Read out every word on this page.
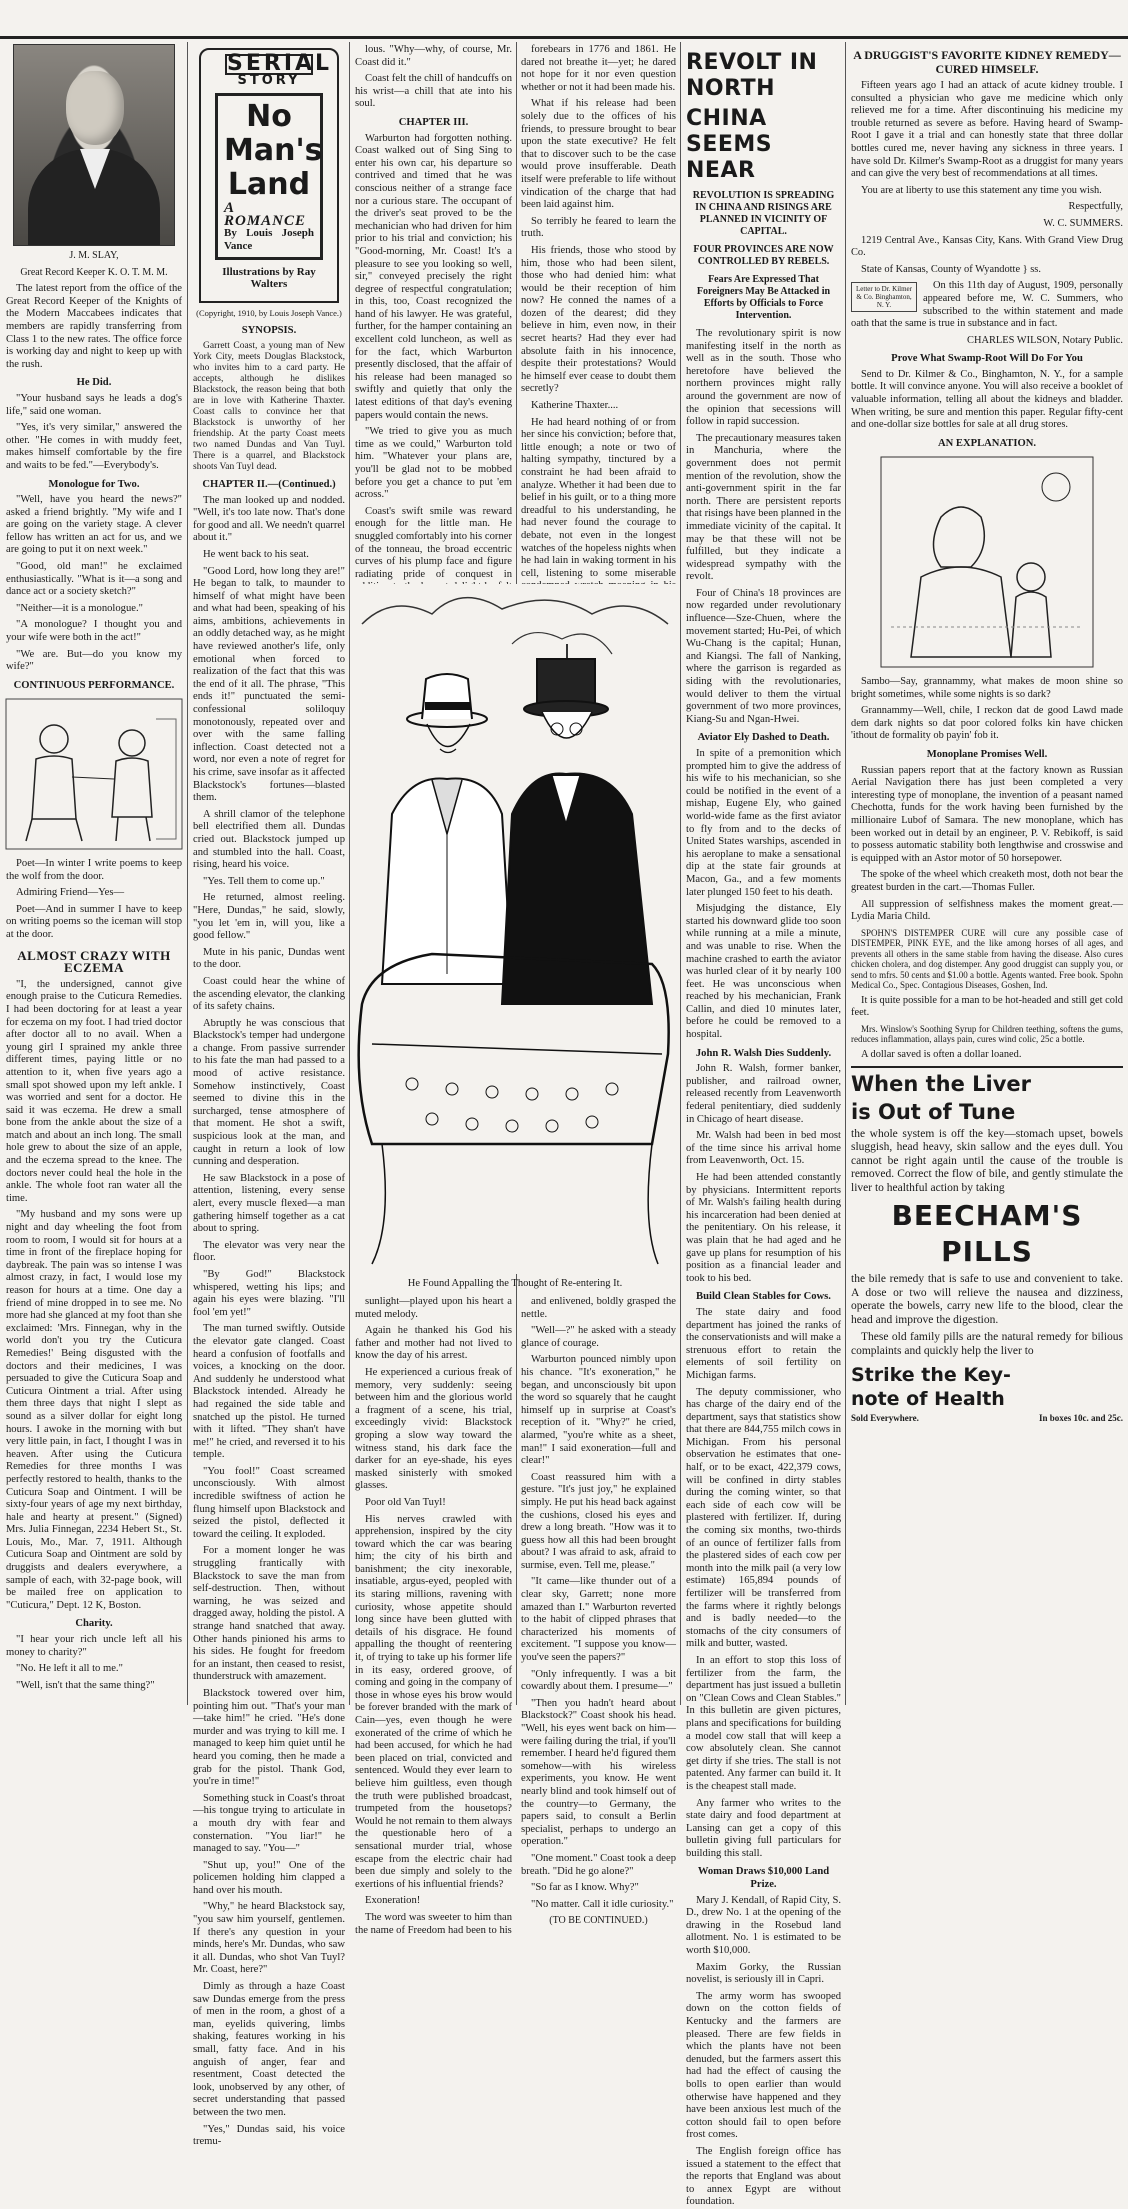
J. M. SLAY,
Great Record Keeper K. O. T. M. M.

The latest report from the office of the Great Record Keeper of the Knights of the Modern Maccabees indicates that members are rapidly transferring from Class 1 to the new rates. The office force is working day and night to keep up with the rush.

He Did.

"Your husband says he leads a dog's life," said one woman.

"Yes, it's very similar," answered the other. "He comes in with muddy feet, makes himself comfortable by the fire and waits to be fed."—Everybody's.

Monologue for Two.

"Well, have you heard the news?" asked a friend brightly. "My wife and I are going on the variety stage. A clever fellow has written an act for us, and we are going to put it on next week."

"Good, old man!" he exclaimed enthusiastically. "What is it—a song and dance act or a society sketch?"

"Neither—it is a monologue."

"A monologue? I thought you and your wife were both in the act!"

"We are. But—do you know my wife?"

CONTINUOUS PERFORMANCE.

Poet—In winter I write poems to keep the wolf from the door.

Admiring Friend—Yes—

Poet—And in summer I have to keep on writing poems so the iceman will stop at the door.

ALMOST CRAZY WITH ECZEMA

"I, the undersigned, cannot give enough praise to the Cuticura Remedies. I had been doctoring for at least a year for eczema on my foot. I had tried doctor after doctor all to no avail. When a young girl I sprained my ankle three different times, paying little or no attention to it, when five years ago a small spot showed upon my left ankle. I was worried and sent for a doctor. He said it was eczema. He drew a small bone from the ankle about the size of a match and about an inch long. The small hole grew to about the size of an apple, and the eczema spread to the knee. The doctors never could heal the hole in the ankle. The whole foot ran water all the time.

"My husband and my sons were up night and day wheeling the foot from room to room, I would sit for hours at a time in front of the fireplace hoping for daybreak. The pain was so intense I was almost crazy, in fact, I would lose my reason for hours at a time. One day a friend of mine dropped in to see me. No more had she glanced at my foot than she exclaimed: 'Mrs. Finnegan, why in the world don't you try the Cuticura Remedies!' Being disgusted with the doctors and their medicines, I was persuaded to give the Cuticura Soap and Cuticura Ointment a trial. After using them three days that night I slept as sound as a silver dollar for eight long hours. I awoke in the morning with but very little pain, in fact, I thought I was in heaven. After using the Cuticura Remedies for three months I was perfectly restored to health, thanks to the Cuticura Soap and Ointment. I will be sixty-four years of age my next birthday, hale and hearty at present." (Signed) Mrs. Julia Finnegan, 2234 Hebert St., St. Louis, Mo., Mar. 7, 1911. Although Cuticura Soap and Ointment are sold by druggists and dealers everywhere, a sample of each, with 32-page book, will be mailed free on application to "Cuticura," Dept. 12 K, Boston.

Charity.

"I hear your rich uncle left all his money to charity?"

"No. He left it all to me."

"Well, isn't that the same thing?"

SERIAL
STORY
No Man's
Land
A ROMANCE
By Louis Joseph Vance
Illustrations by Ray Walters
(Copyright, 1910, by Louis Joseph Vance.)
SYNOPSIS.

Garrett Coast, a young man of New York City, meets Douglas Blackstock, who invites him to a card party. He accepts, although he dislikes Blackstock, the reason being that both are in love with Katherine Thaxter. Coast calls to convince her that Blackstock is unworthy of her friendship. At the party Coast meets two named Dundas and Van Tuyl. There is a quarrel, and Blackstock shoots Van Tuyl dead.

CHAPTER II.—(Continued.)

The man looked up and nodded. "Well, it's too late now. That's done for good and all. We needn't quarrel about it."

He went back to his seat.

"Good Lord, how long they are!" He began to talk, to maunder to himself of what might have been and what had been, speaking of his aims, ambitions, achievements in an oddly detached way, as he might have reviewed another's life, only emotional when forced to realization of the fact that this was the end of it all. The phrase, "This ends it!" punctuated the semi-confessional soliloquy monotonously, repeated over and over with the same falling inflection. Coast detected not a word, nor even a note of regret for his crime, save insofar as it affected Blackstock's fortunes—blasted them.

A shrill clamor of the telephone bell electrified them all. Dundas cried out. Blackstock jumped up and stumbled into the hall. Coast, rising, heard his voice.

"Yes. Tell them to come up."

He returned, almost reeling. "Here, Dundas," he said, slowly, "you let 'em in, will you, like a good fellow."

Mute in his panic, Dundas went to the door.

Coast could hear the whine of the ascending elevator, the clanking of its safety chains.

Abruptly he was conscious that Blackstock's temper had undergone a change. From passive surrender to his fate the man had passed to a mood of active resistance. Somehow instinctively, Coast seemed to divine this in the surcharged, tense atmosphere of that moment. He shot a swift, suspicious look at the man, and caught in return a look of low cunning and desperation.

He saw Blackstock in a pose of attention, listening, every sense alert, every muscle flexed—a man gathering himself together as a cat about to spring.

The elevator was very near the floor.

"By God!" Blackstock whispered, wetting his lips; and again his eyes were blazing. "I'll fool 'em yet!"

The man turned swiftly. Outside the elevator gate clanged. Coast heard a confusion of footfalls and voices, a knocking on the door. And suddenly he understood what Blackstock intended. Already he had regained the side table and snatched up the pistol. He turned with it lifted. "They shan't have me!" he cried, and reversed it to his temple.

"You fool!" Coast screamed unconsciously. With almost incredible swiftness of action he flung himself upon Blackstock and seized the pistol, deflected it toward the ceiling. It exploded.

For a moment longer he was struggling frantically with Blackstock to save the man from self-destruction. Then, without warning, he was seized and dragged away, holding the pistol. A strange hand snatched that away. Other hands pinioned his arms to his sides. He fought for freedom for an instant, then ceased to resist, thunderstruck with amazement.

Blackstock towered over him, pointing him out. "That's your man—take him!" he cried. "He's done murder and was trying to kill me. I managed to keep him quiet until he heard you coming, then he made a grab for the pistol. Thank God, you're in time!"

Something stuck in Coast's throat—his tongue trying to articulate in a mouth dry with fear and consternation. "You liar!" he managed to say. "You—"

"Shut up, you!" One of the policemen holding him clapped a hand over his mouth.

"Why," he heard Blackstock say, "you saw him yourself, gentlemen. If there's any question in your minds, here's Mr. Dundas, who saw it all. Dundas, who shot Van Tuyl? Mr. Coast, here?"

Dimly as through a haze Coast saw Dundas emerge from the press of men in the room, a ghost of a man, eyelids quivering, limbs shaking, features working in his small, fatty face. And in his anguish of anger, fear and resentment, Coast detected the look, unobserved by any other, of secret understanding that passed between the two men.

"Yes," Dundas said, his voice tremu-

lous. "Why—why, of course, Mr. Coast did it."

Coast felt the chill of handcuffs on his wrist—a chill that ate into his soul.

CHAPTER III.

Warburton had forgotten nothing. Coast walked out of Sing Sing to enter his own car, his departure so contrived and timed that he was conscious neither of a strange face nor a curious stare. The occupant of the driver's seat proved to be the mechanician who had driven for him prior to his trial and conviction; his "Good-morning, Mr. Coast! It's a pleasure to see you looking so well, sir," conveyed precisely the right degree of respectful congratulation; in this, too, Coast recognized the hand of his lawyer. He was grateful, further, for the hamper containing an excellent cold luncheon, as well as for the fact, which Warburton presently disclosed, that the affair of his release had been managed so swiftly and quietly that only the latest editions of that day's evening papers would contain the news.

"We tried to give you as much time as we could," Warburton told him. "Whatever your plans are, you'll be glad not to be mobbed before you get a chance to put 'em across."

Coast's swift smile was reward enough for the little man. He snuggled comfortably into his corner of the tonneau, the broad eccentric curves of his plump face and figure radiating pride of conquest in

forebears in 1776 and 1861. He dared not breathe it—yet; he dared not hope for it nor even question whether or not it had been made his.

What if his release had been solely due to the offices of his friends, to pressure brought to bear upon the state executive? He felt that to discover such to be the case would prove insufferable. Death itself were preferable to life without vindication of the charge that had been laid against him.

So terribly he feared to learn the truth.

His friends, those who stood by him, those who had been silent, those who had denied him: what would be their reception of him now? He conned the names of a dozen of the dearest; did they believe in him, even now, in their secret hearts? Had they ever had absolute faith in his innocence, despite their protestations? Would he himself ever cease to doubt them secretly?

Katherine Thaxter....

He had heard nothing of or from her since his conviction; before that, little enough; a note or two of halting sympathy, tinctured by a constraint he had been afraid to analyze. Whether it had been due to belief in his guilt, or to a thing more dreadful to his understanding, he had never found the courage to debate, not even in the longest watches of the hopeless nights when he had lain in waking torment in his cell, listening to some miserable

He Found Appalling the Thought of Re-entering It.

sunlight—played upon his heart a muted melody.

Again he thanked his God his father and mother had not lived to know the day of his arrest.

He experienced a curious freak of memory, very suddenly: seeing between him and the glorious world a fragment of a scene, his trial, exceedingly vivid: Blackstock groping a slow way toward the witness stand, his dark face the darker for an eye-shade, his eyes masked sinisterly with smoked glasses.

Poor old Van Tuyl!

His nerves crawled with apprehension, inspired by the city toward which the car was bearing him; the city of his birth and banishment; the city inexorable, insatiable, argus-eyed, peopled with its staring millions, ravening with curiosity, whose appetite should long since have been glutted with details of his disgrace. He found appalling the thought of reentering it, of trying to take up his former life in its easy, ordered groove, of coming and going in the company of those in whose eyes his brow would be forever branded with the mark of Cain—yes, even though he were exonerated of the crime of which he had been accused, for which he had been placed on trial, convicted and sentenced. Would they ever learn to believe him guiltless, even though the truth were published broadcast, trumpeted from the housetops? Would he not remain to them always the questionable hero of a sensational murder trial, whose escape from the electric chair had been due simply and solely to the exertions of his influential friends?

Exoneration!

The word was sweeter to him than the name of Freedom had been to his

and enlivened, boldly grasped the nettle.

"Well—?" he asked with a steady glance of courage.

Warburton pounced nimbly upon his chance. "It's exoneration," he began, and unconsciously bit upon the word so squarely that he caught himself up in surprise at Coast's reception of it. "Why?" he cried, alarmed, "you're white as a sheet, man!" I said exoneration—full and clear!"

Coast reassured him with a gesture. "It's just joy," he explained simply. He put his head back against the cushions, closed his eyes and drew a long breath. "How was it to guess how all this had been brought about? I was afraid to ask, afraid to surmise, even. Tell me, please."

"It came—like thunder out of a clear sky, Garrett; none more amazed than I." Warburton reverted to the habit of clipped phrases that characterized his moments of excitement. "I suppose you know—you've seen the papers?"

"Only infrequently. I was a bit cowardly about them. I presume—"

"Then you hadn't heard about Blackstock?" Coast shook his head. "Well, his eyes went back on him—were failing during the trial, if you'll remember. I heard he'd figured them somehow—with his wireless experiments, you know. He went nearly blind and took himself out of the country—to Germany, the papers said, to consult a Berlin specialist, perhaps to undergo an operation."

"One moment." Coast took a deep breath. "Did he go alone?"

"So far as I know. Why?"

"No matter. Call it idle curiosity."

(TO BE CONTINUED.)
REVOLT IN NORTH
CHINA SEEMS NEAR
REVOLUTION IS SPREADING IN CHINA AND RISINGS ARE PLANNED IN VICINITY OF CAPITAL.
FOUR PROVINCES ARE NOW CONTROLLED BY REBELS.
Fears Are Expressed That Foreigners May Be Attacked in Efforts by Officials to Force Intervention.

The revolutionary spirit is now manifesting itself in the north as well as in the south. Those who heretofore have believed the northern provinces might rally around the government are now of the opinion that secessions will follow in rapid succession.

The precautionary measures taken in Manchuria, where the government does not permit mention of the revolution, show the anti-government spirit in the far north. There are persistent reports that risings have been planned in the immediate vicinity of the capital. It may be that these will not be fulfilled, but they indicate a widespread sympathy with the revolt.

Four of China's 18 provinces are now regarded under revolutionary influence—Sze-Chuen, where the movement started; Hu-Pei, of which Wu-Chang is the capital; Hunan, and Kiangsi. The fall of Nanking, where the garrison is regarded as siding with the revolutionaries, would deliver to them the virtual government of two more provinces, Kiang-Su and Ngan-Hwei.

Aviator Ely Dashed to Death.

In spite of a premonition which prompted him to give the address of his wife to his mechanician, so she could be notified in the event of a mishap, Eugene Ely, who gained world-wide fame as the first aviator to fly from and to the decks of United States warships, ascended in his aeroplane to make a sensational dip at the state fair grounds at Macon, Ga., and a few moments later plunged 150 feet to his death.

Misjudging the distance, Ely started his downward glide too soon while running at a mile a minute, and was unable to rise. When the machine crashed to earth the aviator was hurled clear of it by nearly 100 feet. He was unconscious when reached by his mechanician, Frank Callin, and died 10 minutes later, before he could be removed to a hospital.

John R. Walsh Dies Suddenly.

John R. Walsh, former banker, publisher, and railroad owner, released recently from Leavenworth federal penitentiary, died suddenly in Chicago of heart disease.

Mr. Walsh had been in bed most of the time since his arrival home from Leavenworth, Oct. 15.

He had been attended constantly by physicians. Intermittent reports of Mr. Walsh's failing health during his incarceration had been denied at the penitentiary. On his release, it was plain that he had aged and he gave up plans for resumption of his position as a financial leader and took to his bed.

Build Clean Stables for Cows.

The state dairy and food department has joined the ranks of the conservationists and will make a strenuous effort to retain the elements of soil fertility on Michigan farms.

The deputy commissioner, who has charge of the dairy end of the department, says that statistics show that there are 844,755 milch cows in Michigan. From his personal observation he estimates that one-half, or to be exact, 422,379 cows, will be confined in dirty stables during the coming winter, so that each side of each cow will be plastered with fertilizer. If, during the coming six months, two-thirds of an ounce of fertilizer falls from the plastered sides of each cow per month into the milk pail (a very low estimate) 165,894 pounds of fertilizer will be transferred from the farms where it rightly belongs and is badly needed—to the stomachs of the city consumers of milk and butter, wasted.

In an effort to stop this loss of fertilizer from the farm, the department has just issued a bulletin on "Clean Cows and Clean Stables." In this bulletin are given pictures, plans and specifications for building a model cow stall that will keep a cow absolutely clean. She cannot get dirty if she tries. The stall is not patented. Any farmer can build it. It is the cheapest stall made.

Any farmer who writes to the state dairy and food department at Lansing can get a copy of this bulletin giving full particulars for building this stall.

Woman Draws $10,000 Land Prize.

Mary J. Kendall, of Rapid City, S. D., drew No. 1 at the opening of the drawing in the Rosebud land allotment. No. 1 is estimated to be worth $10,000.

Maxim Gorky, the Russian novelist, is seriously ill in Capri.

The army worm has swooped down on the cotton fields of Kentucky and the farmers are pleased. There are few fields in which the plants have not been denuded, but the farmers assert this had had the effect of causing the bolls to open earlier than would otherwise have happened and they have been anxious lest much of the cotton should fail to open before frost comes.

The English foreign office has issued a statement to the effect that the reports that England was about to annex Egypt are without foundation.

A DRUGGIST'S FAVORITE KIDNEY REMEDY—CURED HIMSELF.

Fifteen years ago I had an attack of acute kidney trouble. I consulted a physician who gave me medicine which only relieved me for a time. After discontinuing his medicine my trouble returned as severe as before. Having heard of Swamp-Root I gave it a trial and can honestly state that three dollar bottles cured me, never having any sickness in three years. I have sold Dr. Kilmer's Swamp-Root as a druggist for many years and can give the very best of recommendations at all times.

You are at liberty to use this statement any time you wish.

Respectfully,

W. C. SUMMERS.

1219 Central Ave., Kansas City, Kans. With Grand View Drug Co.

State of Kansas, County of Wyandotte } ss.

Letter to Dr. Kilmer & Co. Binghamton, N. Y.

On this 11th day of August, 1909, personally appeared before me, W. C. Summers, who subscribed to the within statement and made oath that the same is true in substance and in fact.

CHARLES WILSON, Notary Public.

Prove What Swamp-Root Will Do For You

Send to Dr. Kilmer & Co., Binghamton, N. Y., for a sample bottle. It will convince anyone. You will also receive a booklet of valuable information, telling all about the kidneys and bladder. When writing, be sure and mention this paper. Regular fifty-cent and one-dollar size bottles for sale at all drug stores.

AN EXPLANATION.

Sambo—Say, grannammy, what makes de moon shine so bright sometimes, while some nights is so dark?

Grannammy—Well, chile, I reckon dat de good Lawd made dem dark nights so dat poor colored folks kin have chicken 'ithout de formality ob payin' fob it.

Monoplane Promises Well.

Russian papers report that at the factory known as Russian Aerial Navigation there has just been completed a very interesting type of monoplane, the invention of a peasant named Chechotta, funds for the work having been furnished by the millionaire Lubof of Samara. The new monoplane, which has been worked out in detail by an engineer, P. V. Rebikoff, is said to possess automatic stability both lengthwise and crosswise and is equipped with an Astor motor of 50 horsepower.

The spoke of the wheel which creaketh most, doth not bear the greatest burden in the cart.—Thomas Fuller.

All suppression of selfishness makes the moment great.—Lydia Maria Child.

SPOHN'S DISTEMPER CURE will cure any possible case of DISTEMPER, PINK EYE, and the like among horses of all ages, and prevents all others in the same stable from having the disease. Also cures chicken cholera, and dog distemper. Any good druggist can supply you, or send to mfrs. 50 cents and $1.00 a bottle. Agents wanted. Free book. Spohn Medical Co., Spec. Contagious Diseases, Goshen, Ind.

It is quite possible for a man to be hot-headed and still get cold feet.

Mrs. Winslow's Soothing Syrup for Children teething, softens the gums, reduces inflammation, allays pain, cures wind colic, 25c a bottle.

A dollar saved is often a dollar loaned.

When the Liver
is Out of Tune

the whole system is off the key—stomach upset, bowels sluggish, head heavy, skin sallow and the eyes dull. You cannot be right again until the cause of the trouble is removed. Correct the flow of bile, and gently stimulate the liver to healthful action by taking

BEECHAM'S
PILLS

the bile remedy that is safe to use and convenient to take. A dose or two will relieve the nausea and dizziness, operate the bowels, carry new life to the blood, clear the head and improve the digestion.

These old family pills are the natural remedy for bilious complaints and quickly help the liver to

Strike the Key-
note of Health
Sold Everywhere.	In boxes 10c. and 25c.
